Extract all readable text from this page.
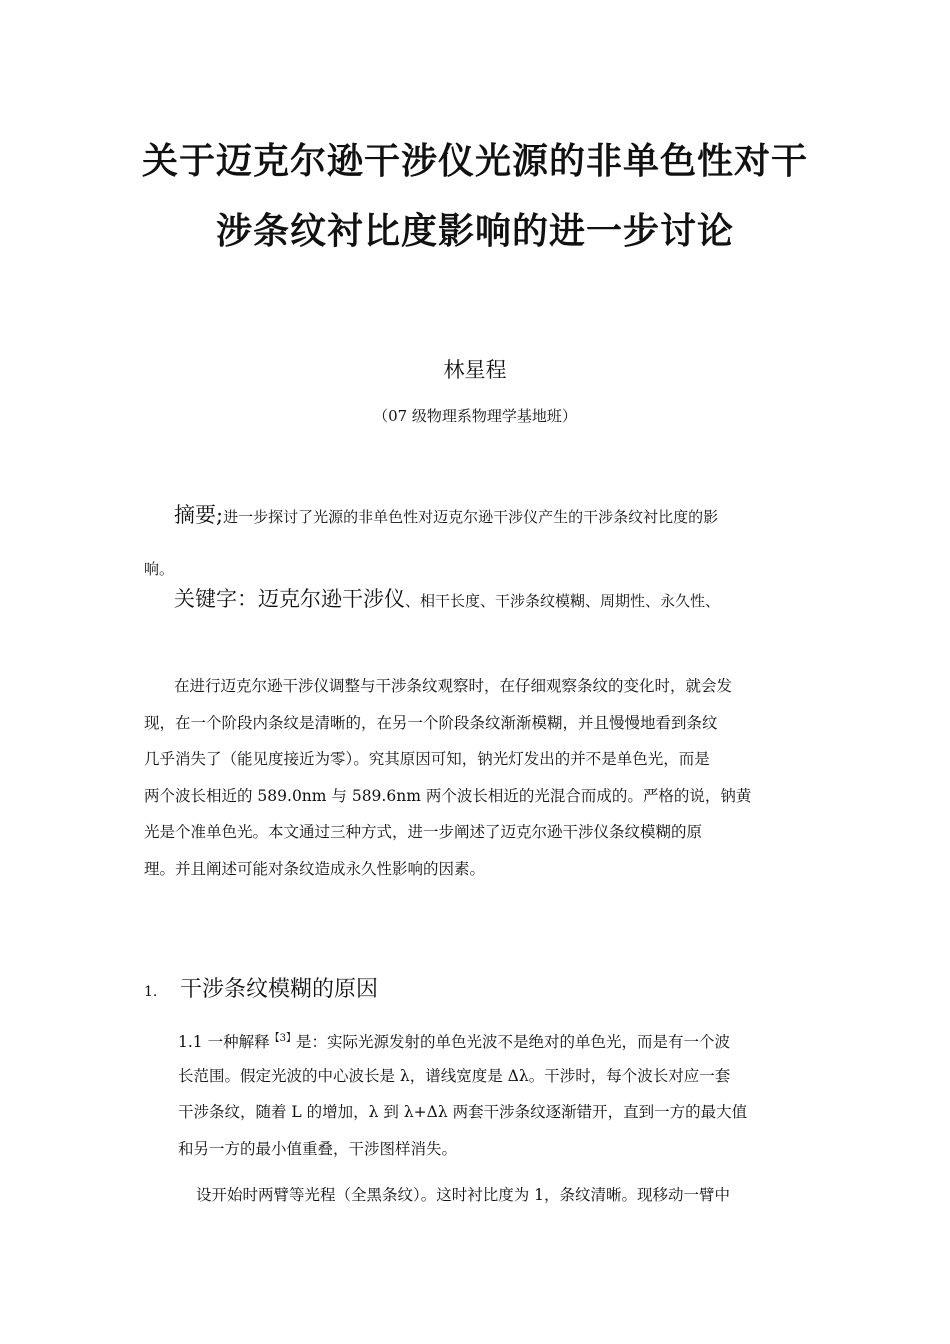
关于迈克尔逊干涉仪光源的非单色性对干
涉条纹衬比度影响的进一步讨论
林星程
（07 级物理系物理学基地班）
摘要;进一步探讨了光源的非单色性对迈克尔逊干涉仪产生的干涉条纹衬比度的影
响。
关键字：迈克尔逊干涉仪、相干长度、干涉条纹模糊、周期性、永久性、
在进行迈克尔逊干涉仪调整与干涉条纹观察时，在仔细观察条纹的变化时，就会发
现，在一个阶段内条纹是清晰的，在另一个阶段条纹渐渐模糊，并且慢慢地看到条纹
几乎消失了（能见度接近为零）。究其原因可知，钠光灯发出的并不是单色光，而是
两个波长相近的 589.0nm 与 589.6nm 两个波长相近的光混合而成的。严格的说，钠黄
光是个准单色光。本文通过三种方式，进一步阐述了迈克尔逊干涉仪条纹模糊的原
理。并且阐述可能对条纹造成永久性影响的因素。
1. 干涉条纹模糊的原因
1.1 一种解释$^{【3】}$是：实际光源发射的单色光波不是绝对的单色光，而是有一个波
长范围。假定光波的中心波长是 λ，谱线宽度是 Δλ。干涉时，每个波长对应一套
干涉条纹，随着 L 的增加，λ 到 λ+Δλ 两套干涉条纹逐渐错开，直到一方的最大值
和另一方的最小值重叠，干涉图样消失。
设开始时两臂等光程（全黑条纹）。这时衬比度为 1，条纹清晰。现移动一臂中
